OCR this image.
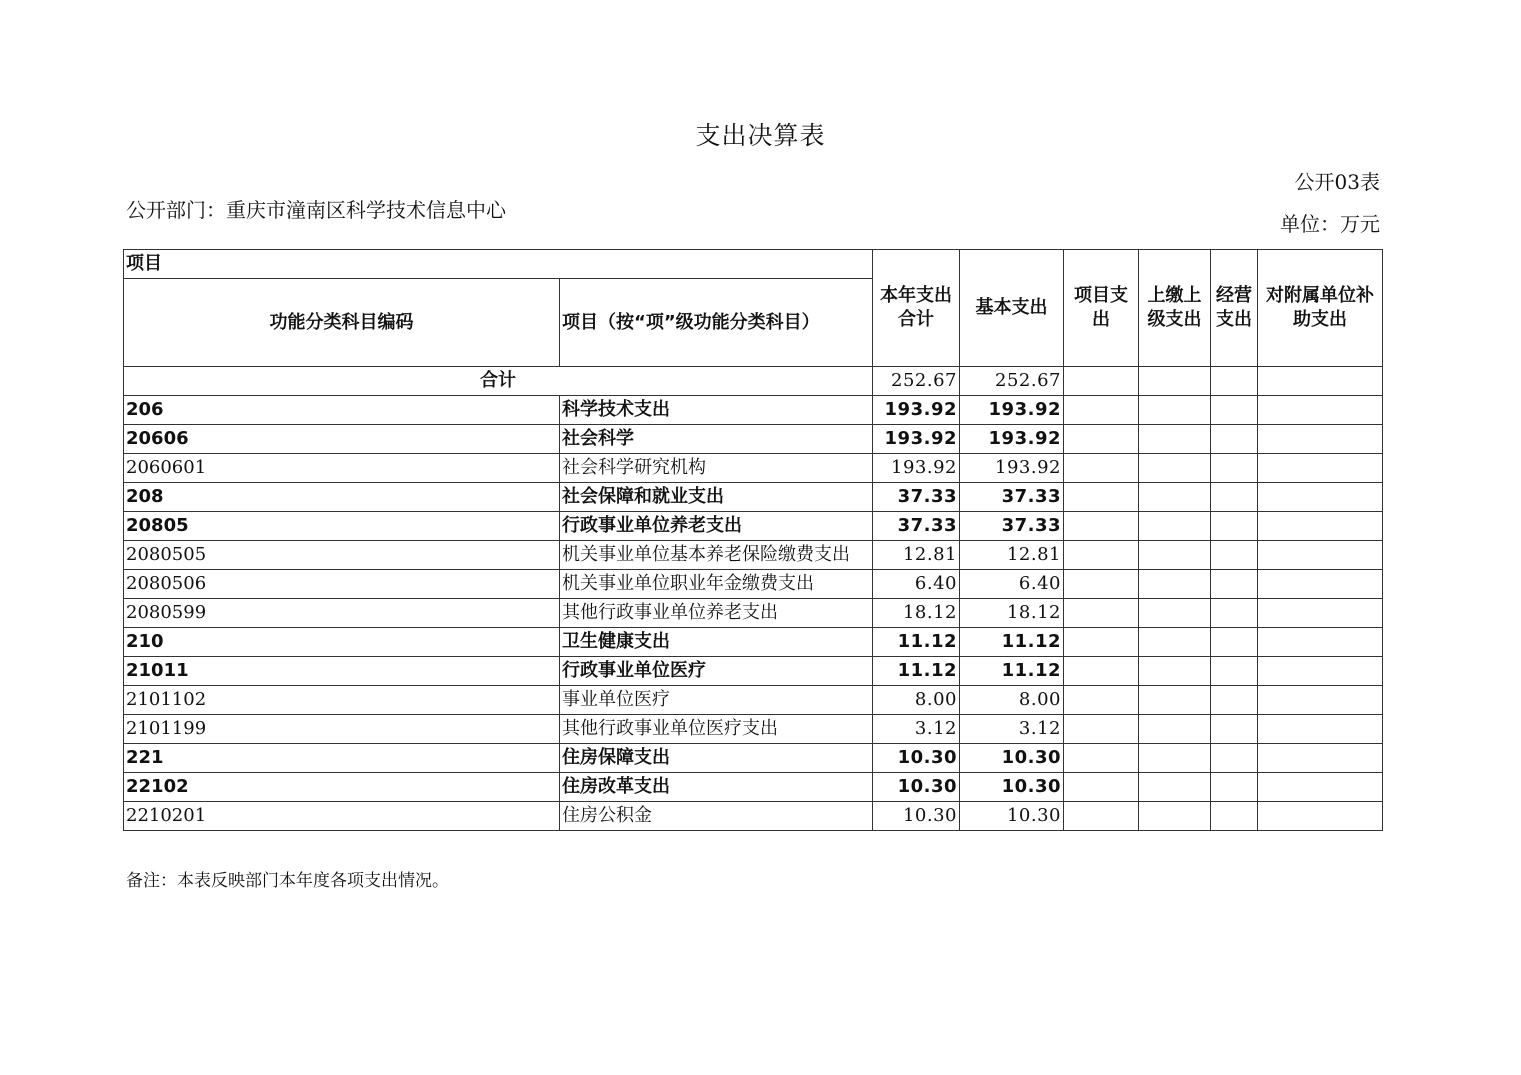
支出决算表
公开03表
公开部门：重庆市潼南区科学技术信息中心
单位：万元
项目		本年支出合计	基本支出	项目支出	上缴上级支出	经营支出	对附属单位补助支出
功能分类科目编码	项目（按“项”级功能分类科目）						
合计		252.67	252.67				
206	科学技术支出	193.92	193.92				
20606	社会科学	193.92	193.92				
2060601	社会科学研究机构	193.92	193.92				
208	社会保障和就业支出	37.33	37.33				
20805	行政事业单位养老支出	37.33	37.33				
2080505	机关事业单位基本养老保险缴费支出	12.81	12.81				
2080506	机关事业单位职业年金缴费支出	6.40	6.40				
2080599	其他行政事业单位养老支出	18.12	18.12				
210	卫生健康支出	11.12	11.12				
21011	行政事业单位医疗	11.12	11.12				
2101102	事业单位医疗	8.00	8.00				
2101199	其他行政事业单位医疗支出	3.12	3.12				
221	住房保障支出	10.30	10.30				
22102	住房改革支出	10.30	10.30				
2210201	住房公积金	10.30	10.30				
备注：本表反映部门本年度各项支出情况。
